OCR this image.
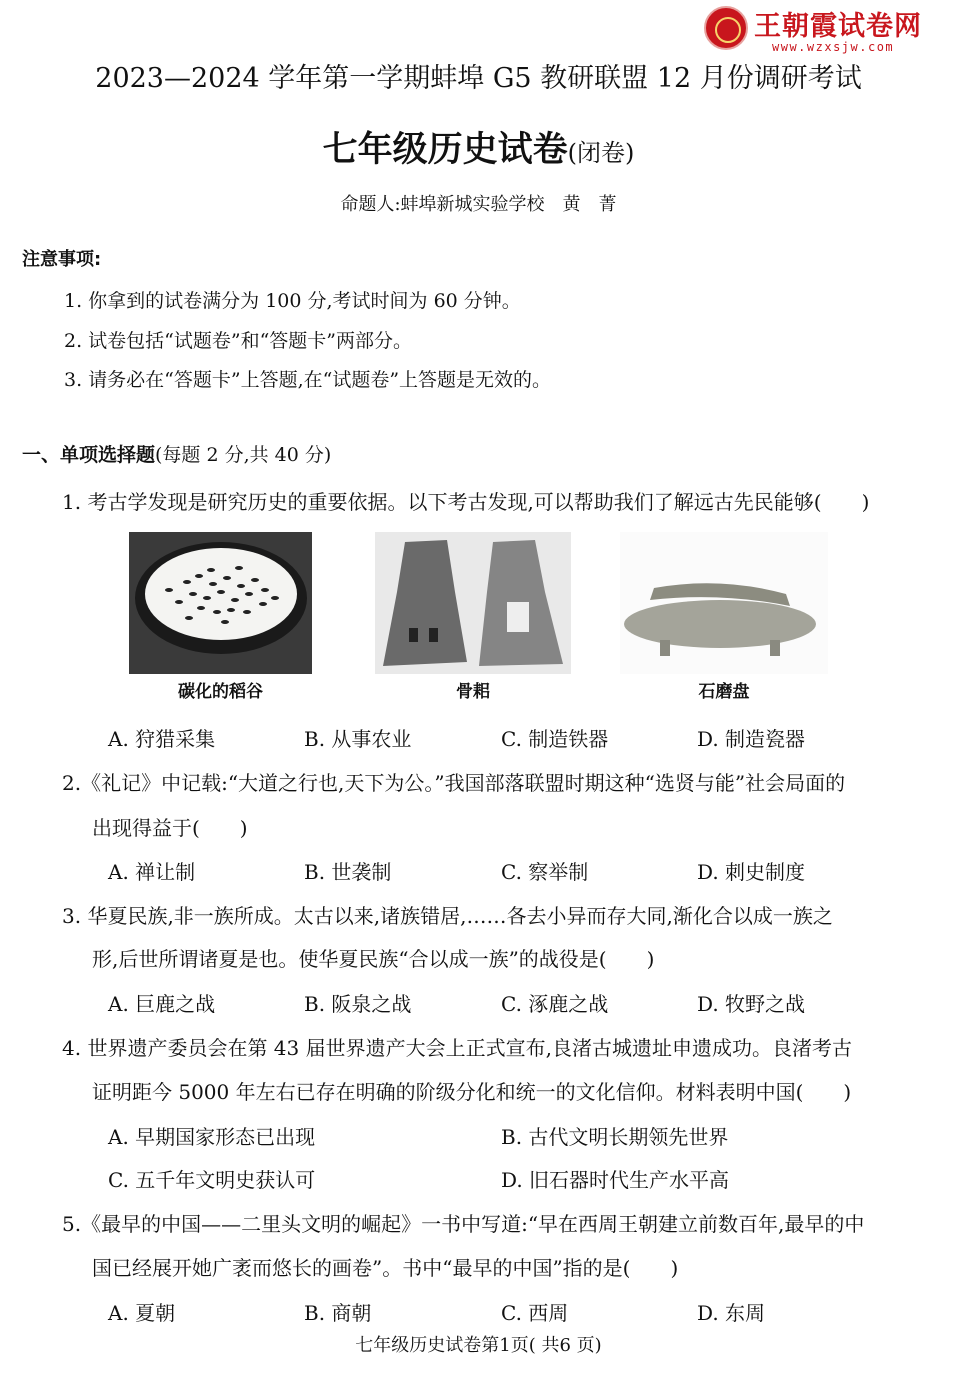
王朝霞试卷网
www.wzxsjw.com
2023—2024 学年第一学期蚌埠 G5 教研联盟 12 月份调研考试
七年级历史试卷(闭卷)
命题人:蚌埠新城实验学校　黄　菁
注意事项:
1. 你拿到的试卷满分为 100 分,考试时间为 60 分钟。
2. 试卷包括“试题卷”和“答题卡”两部分。
3. 请务必在“答题卡”上答题,在“试题卷”上答题是无效的。
一、单项选择题(每题 2 分,共 40 分)
1. 考古学发现是研究历史的重要依据。以下考古发现,可以帮助我们了解远古先民能够(　　)
碳化的稻谷	骨耜	石磨盘
A. 狩猎采集	B. 从事农业	C. 制造铁器	D. 制造瓷器
2.《礼记》中记载:“大道之行也,天下为公。”我国部落联盟时期这种“选贤与能”社会局面的
出现得益于(　　)
A. 禅让制	B. 世袭制	C. 察举制	D. 刺史制度
3. 华夏民族,非一族所成。太古以来,诸族错居,……各去小异而存大同,渐化合以成一族之
形,后世所谓诸夏是也。使华夏民族“合以成一族”的战役是(　　)
A. 巨鹿之战	B. 阪泉之战	C. 涿鹿之战	D. 牧野之战
4. 世界遗产委员会在第 43 届世界遗产大会上正式宣布,良渚古城遗址申遗成功。良渚考古
证明距今 5000 年左右已存在明确的阶级分化和统一的文化信仰。材料表明中国(　　)
A. 早期国家形态已出现	B. 古代文明长期领先世界
C. 五千年文明史获认可	D. 旧石器时代生产水平高
5.《最早的中国——二里头文明的崛起》一书中写道:“早在西周王朝建立前数百年,最早的中
国已经展开她广袤而悠长的画卷”。书中“最早的中国”指的是(　　)
A. 夏朝	B. 商朝	C. 西周	D. 东周
七年级历史试卷第1页( 共6 页)
